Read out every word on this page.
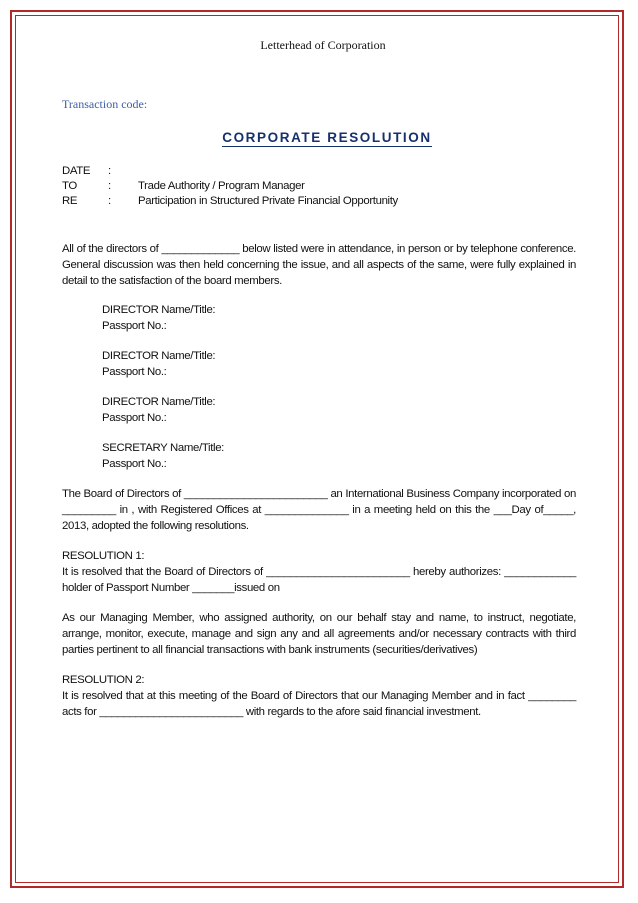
Letterhead of Corporation
Transaction code:
CORPORATE RESOLUTION
DATE	:
TO	:	Trade Authority / Program Manager
RE	:	Participation in Structured Private Financial Opportunity
All of the directors of _____________ below listed were in attendance, in person or by telephone conference. General discussion was then held concerning the issue, and all aspects of the same, were fully explained in detail to the satisfaction of the board members.
DIRECTOR Name/Title:
Passport No.:
DIRECTOR Name/Title:
Passport No.:
DIRECTOR Name/Title:
Passport No.:
SECRETARY Name/Title:
Passport No.:
The Board of Directors of ________________________ an International Business Company incorporated on _________ in , with Registered Offices at ______________ in a meeting held on this the ___Day of_____, 2013, adopted the following resolutions.
RESOLUTION 1:
It is resolved that the Board of Directors of ________________________ hereby authorizes: ____________ holder of Passport Number _______issued on
As our Managing Member, who assigned authority, on our behalf stay and name, to instruct, negotiate, arrange, monitor, execute, manage and sign any and all agreements and/or necessary contracts with third parties pertinent to all financial transactions with bank instruments (securities/derivatives)
RESOLUTION 2:
It is resolved that at this meeting of the Board of Directors that our Managing Member and in fact ________ acts for ________________________ with regards to the afore said financial investment.
